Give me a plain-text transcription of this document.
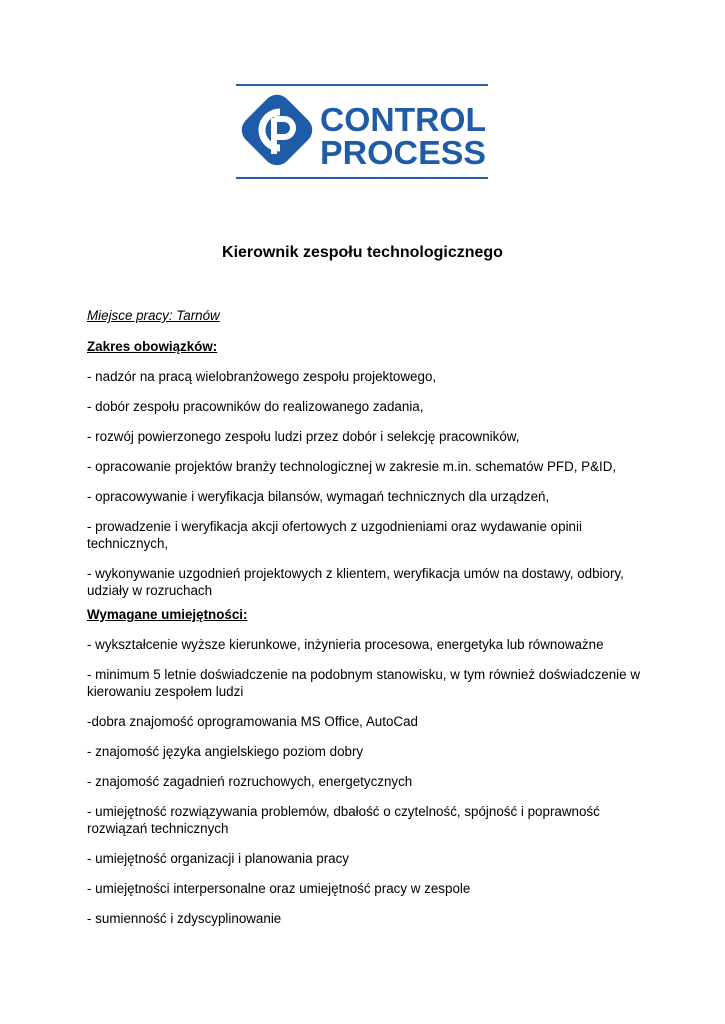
CONTROL
PROCESS
Kierownik zespołu technologicznego
Miejsce pracy: Tarnów
Zakres obowiązków:
- nadzór na pracą wielobranżowego zespołu projektowego,
- dobór zespołu pracowników do realizowanego zadania,
- rozwój powierzonego zespołu ludzi przez dobór i selekcję pracowników,
- opracowanie projektów branży technologicznej w zakresie m.in. schematów PFD, P&ID,
- opracowywanie i weryfikacja bilansów, wymagań technicznych dla urządzeń,
- prowadzenie i weryfikacja akcji ofertowych z uzgodnieniami oraz wydawanie opinii technicznych,
- wykonywanie uzgodnień projektowych z klientem, weryfikacja umów na dostawy, odbiory, udziały w rozruchach
Wymagane umiejętności:
- wykształcenie wyższe kierunkowe, inżynieria procesowa, energetyka lub równoważne
- minimum 5 letnie doświadczenie na podobnym stanowisku, w tym również doświadczenie w kierowaniu zespołem ludzi
-dobra znajomość oprogramowania MS Office, AutoCad
- znajomość języka angielskiego poziom dobry
- znajomość zagadnień rozruchowych, energetycznych
- umiejętność rozwiązywania problemów, dbałość o czytelność, spójność i poprawność rozwiązań technicznych
- umiejętność organizacji i planowania pracy
- umiejętności interpersonalne oraz umiejętność pracy w zespole
- sumienność i zdyscyplinowanie
